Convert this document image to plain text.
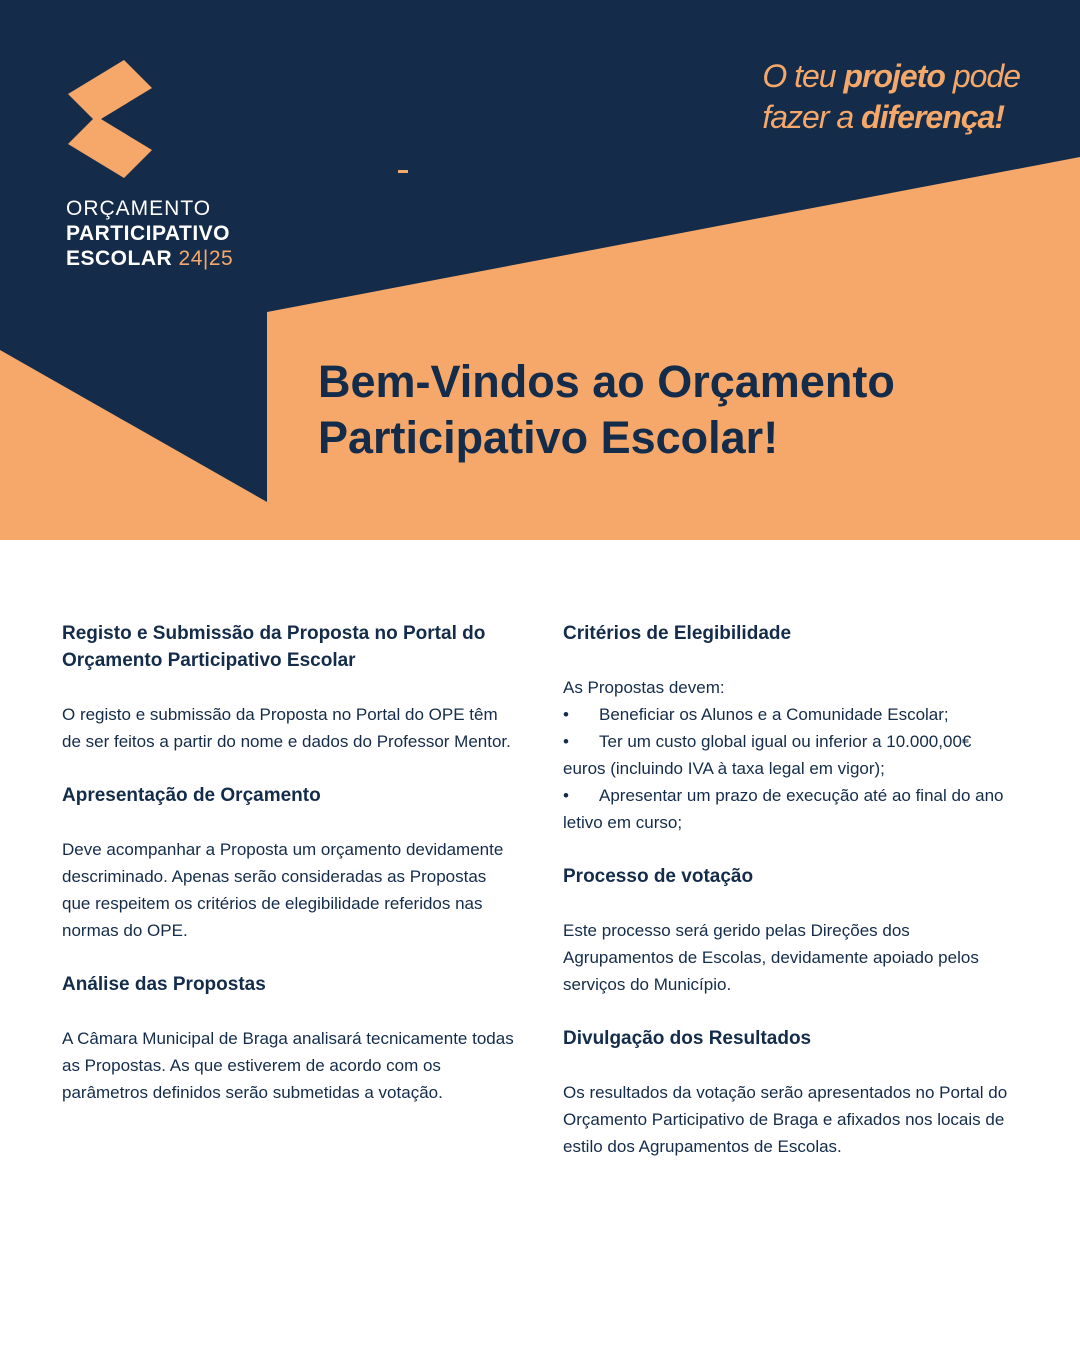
ORÇAMENTO
PARTICIPATIVO
ESCOLAR 24|25
O teu projeto pode
fazer a diferença!
Bem-Vindos ao Orçamento
Participativo Escolar!
Registo e Submissão da Proposta no Portal do Orçamento Participativo Escolar

O registo e submissão da Proposta no Portal do OPE têm de ser feitos a partir do nome e dados do Professor Mentor.

Apresentação de Orçamento

Deve acompanhar a Proposta um orçamento devidamente descriminado. Apenas serão consideradas as Propostas que respeitem os critérios de elegibilidade referidos nas normas do OPE.

Análise das Propostas

A Câmara Municipal de Braga analisará tecnicamente todas as Propostas. As que estiverem de acordo com os parâmetros definidos serão submetidas a votação.

Critérios de Elegibilidade

As Propostas devem:

• Beneficiar os Alunos e a Comunidade Escolar;
• Ter um custo global igual ou inferior a 10.000,00€ euros (incluindo IVA à taxa legal em vigor);
• Apresentar um prazo de execução até ao final do ano letivo em curso;
Processo de votação

Este processo será gerido pelas Direções dos Agrupamentos de Escolas, devidamente apoiado pelos serviços do Município.

Divulgação dos Resultados

Os resultados da votação serão apresentados no Portal do Orçamento Participativo de Braga e afixados nos locais de estilo dos Agrupamentos de Escolas.
